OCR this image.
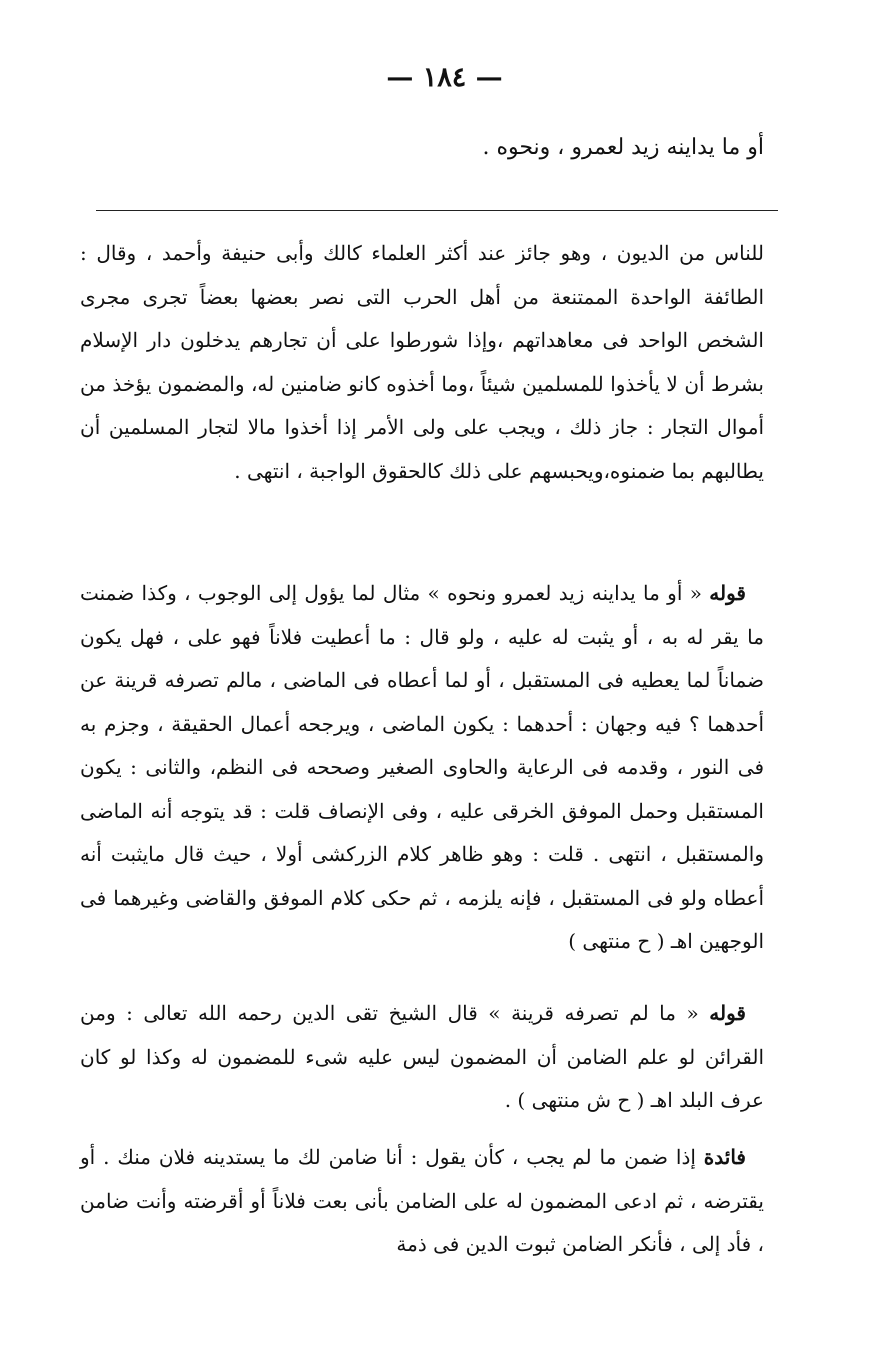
— ١٨٤ —

أو ما يداينه زيد لعمرو ، ونحوه .

للناس من الديون ، وهو جائز عند أكثر العلماء كالك وأبى حنيفة وأحمد ، وقال : الطائفة الواحدة الممتنعة من أهل الحرب التى نصر بعضها بعضاً تجرى مجرى الشخص الواحد فى معاهداتهم ،وإذا شورطوا على أن تجارهم يدخلون دار الإسلام بشرط أن لا يأخذوا للمسلمين شيئاً ،وما أخذوه كانو ضامنين له، والمضمون يؤخذ من أموال التجار : جاز ذلك ، ويجب على ولى الأمر إذا أخذوا مالا لتجار المسلمين أن يطالبهم بما ضمنوه،ويحبسهم على ذلك كالحقوق الواجبة ، انتهى .

قوله « أو ما يداينه زيد لعمرو ونحوه » مثال لما يؤول إلى الوجوب ، وكذا ضمنت ما يقر له به ، أو يثبت له عليه ، ولو قال : ما أعطيت فلاناً فهو على ، فهل يكون ضماناً لما يعطيه فى المستقبل ، أو لما أعطاه فى الماضى ، مالم تصرفه قرينة عن أحدهما ؟ فيه وجهان : أحدهما : يكون الماضى ، ويرجحه أعمال الحقيقة ، وجزم به فى النور ، وقدمه فى الرعاية والحاوى الصغير وصححه فى النظم، والثانى : يكون المستقبل وحمل الموفق الخرقى عليه ، وفى الإنصاف قلت : قد يتوجه أنه الماضى والمستقبل ، انتهى . قلت : وهو ظاهر كلام الزركشى أولا ، حيث قال مايثبت أنه أعطاه ولو فى المستقبل ، فإنه يلزمه ، ثم حكى كلام الموفق والقاضى وغيرهما فى الوجهين اهـ ( ح منتهى )

قوله « ما لم تصرفه قرينة » قال الشيخ تقى الدين رحمه الله تعالى : ومن القرائن لو علم الضامن أن المضمون ليس عليه شىء للمضمون له وكذا لو كان عرف البلد اهـ ( ح ش منتهى ) .

فائدة إذا ضمن ما لم يجب ، كأن يقول : أنا ضامن لك ما يستدينه فلان منك . أو يقترضه ، ثم ادعى المضمون له على الضامن بأنى بعت فلاناً أو أقرضته وأنت ضامن ، فأد إلى ، فأنكر الضامن ثبوت الدين فى ذمة
